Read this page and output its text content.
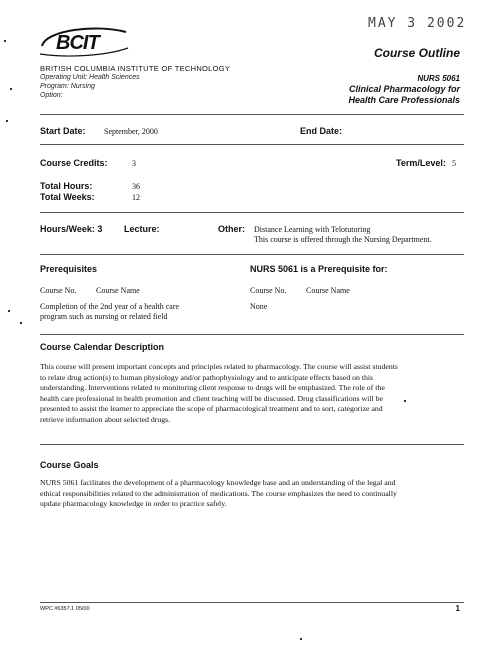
MAY 3 2002
BCIT
BRITISH COLUMBIA INSTITUTE OF TECHNOLOGY
Operating Unit: Health Sciences
Program: Nursing
Option:
Course Outline
NURS 5061
Clinical Pharmacology for
Health Care Professionals
Start Date: September, 2000	End Date:
Course Credits:	3	Term/Level: 5
Total Hours:	36
Total Weeks:	12
Hours/Week: 3 Lecture:	Other: Distance Learning with Telotutoring
This course is offered through the Nursing Department.
Prerequisites	NURS 5061 is a Prerequisite for:
Course No. Course Name	Course No. Course Name
Completion of the 2nd year of a health care
program such as nursing or related field
None
Course Calendar Description
This course will present important concepts and principles related to pharmacology. The course will assist students
to relate drug action(s) to human physiology and/or pathophysiology and to anticipate effects based on this
understanding. Interventions related to monitoring client response to drugs will be emphasized. The role of the
health care professional in health promotion and client teaching will be discussed. Drug classifications will be
presented to assist the learner to appreciate the scope of pharmacological treatment and to sort, categorize and
retrieve information about selected drugs.
Course Goals
NURS 5061 facilitates the development of a pharmacology knowledge base and an understanding of the legal and
ethical responsibilities related to the administration of medications. The course emphasizes the need to continually
update pharmacology knowledge in order to practice safely.
WPC #6357.1 05/00	1
